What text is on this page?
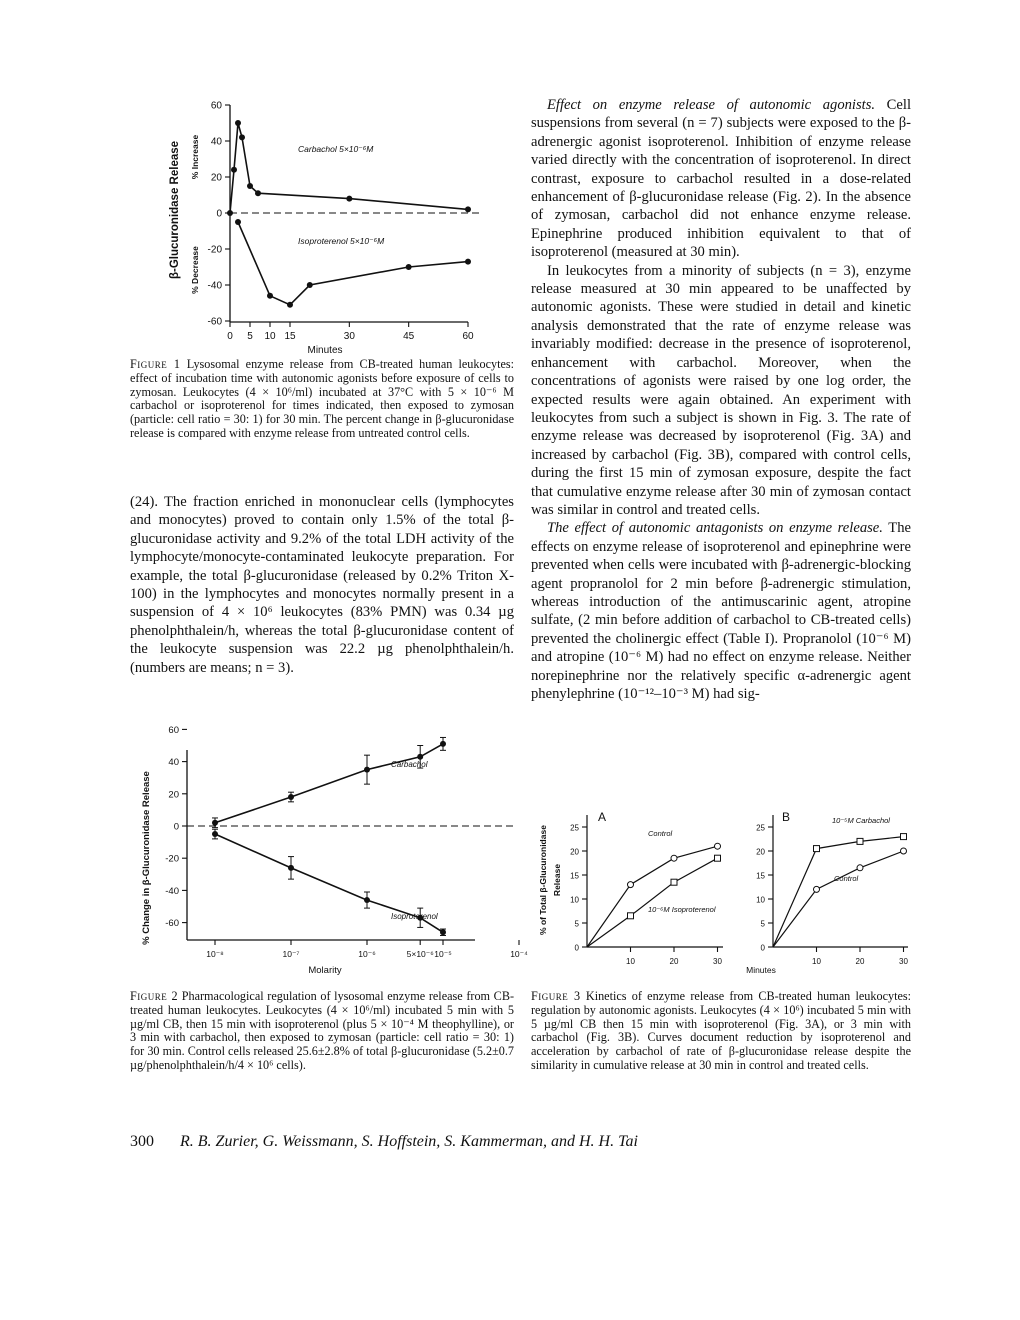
β-Glucuronidase Release % Increase
% Decrease
60
40
20
0
-20
-40
-60
0 5 10 15	30	45	60
Minutes
Carbachol 5×10⁻⁶M
Isoproterenol 5×10⁻⁶M
Figure 1 Lysosomal enzyme release from CB-treated human leukocytes: effect of incubation time with autonomic agonists before exposure of cells to zymosan. Leukocytes (4 × 10⁶/ml) incubated at 37°C with 5 × 10⁻⁶ M carbachol or isoproterenol for times indicated, then exposed to zymosan (particle: cell ratio = 30: 1) for 30 min. The percent change in β-glucuronidase release is compared with enzyme release from untreated control cells.

(24). The fraction enriched in mononuclear cells (lymphocytes and monocytes) proved to contain only 1.5% of the total β-glucuronidase activity and 9.2% of the total LDH activity of the lymphocyte/monocyte-contaminated leukocyte preparation. For example, the total β-glucuronidase (released by 0.2% Triton X-100) in the lymphocytes and monocytes normally present in a suspension of 4 × 10⁶ leukocytes (83% PMN) was 0.34 µg phenolphthalein/h, whereas the total β-glucuronidase content of the leukocyte suspension was 22.2 µg phenolphthalein/h. (numbers are means; n = 3).

% Change in β-Glucuronidase Release
60
40
20
0
-20
-40
-60
10⁻⁸	10⁻⁷	10⁻⁶	5×10⁻⁶ 10⁻⁵	10⁻⁴
Molarity
Carbachol
Isoproterenol
Figure 2 Pharmacological regulation of lysosomal enzyme release from CB-treated human leukocytes. Leukocytes (4 × 10⁶/ml) incubated 5 min with 5 µg/ml CB, then 15 min with isoproterenol (plus 5 × 10⁻⁴ M theophylline), or 3 min with carbachol, then exposed to zymosan (particle: cell ratio = 30: 1) for 30 min. Control cells released 25.6±2.8% of total β-glucuronidase (5.2±0.7 µg/phenolphthalein/h/4 × 10⁶ cells).

Effect on enzyme release of autonomic agonists. Cell suspensions from several (n = 7) subjects were exposed to the β-adrenergic agonist isoproterenol. Inhibition of enzyme release varied directly with the concentration of isoproterenol. In direct contrast, exposure to carbachol resulted in a dose-related enhancement of β-glucuronidase release (Fig. 2). In the absence of zymosan, carbachol did not enhance enzyme release. Epinephrine produced inhibition equivalent to that of isoproterenol (measured at 30 min).

In leukocytes from a minority of subjects (n = 3), enzyme release measured at 30 min appeared to be unaffected by autonomic agonists. These were studied in detail and kinetic analysis demonstrated that the rate of enzyme release was invariably modified: decrease in the presence of isoproterenol, enhancement with carbachol. Moreover, when the concentrations of agonists were raised by one log order, the expected results were again obtained. An experiment with leukocytes from such a subject is shown in Fig. 3. The rate of enzyme release was decreased by isoproterenol (Fig. 3A) and increased by carbachol (Fig. 3B), compared with control cells, during the first 15 min of zymosan exposure, despite the fact that cumulative enzyme release after 30 min of zymosan contact was similar in control and treated cells.

The effect of autonomic antagonists on enzyme release. The effects on enzyme release of isoproterenol and epinephrine were prevented when cells were incubated with β-adrenergic-blocking agent propranolol for 2 min before β-adrenergic stimulation, whereas introduction of the antimuscarinic agent, atropine sulfate, (2 min before addition of carbachol to CB-treated cells) prevented the cholinergic effect (Table I). Propranolol (10⁻⁶ M) and atropine (10⁻⁶ M) had no effect on enzyme release. Neither norepinephrine nor the relatively specific α-adrenergic agent phenylephrine (10⁻¹²–10⁻³ M) had sig-

% of Total β-Glucuronidase Release
A
25
20
15
10
5
0
10	20	30
Control
10⁻⁶M Isoproterenol
B
25
20
15
10
5
0
10	20	30
10⁻⁵M Carbachol
Control
Minutes
Figure 3 Kinetics of enzyme release from CB-treated human leukocytes: regulation by autonomic agonists. Leukocytes (4 × 10⁶) incubated 5 min with 5 µg/ml CB then 15 min with isoproterenol (Fig. 3A), or 3 min with carbachol (Fig. 3B). Curves document reduction by isoproterenol and acceleration by carbachol of rate of β-glucuronidase release despite the similarity in cumulative release at 30 min in control and treated cells.
300 R. B. Zurier, G. Weissmann, S. Hoffstein, S. Kammerman, and H. H. Tai
